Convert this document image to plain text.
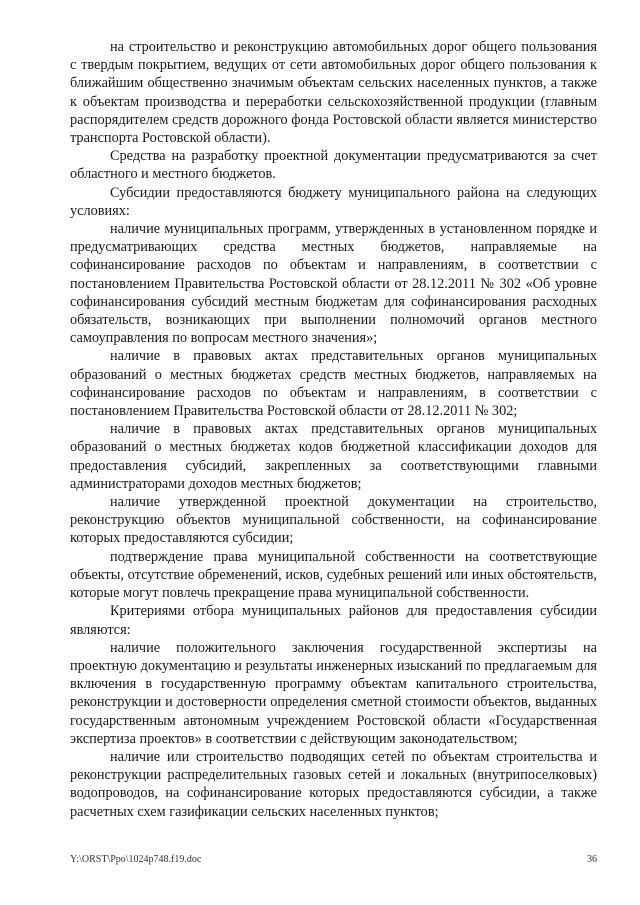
на строительство и реконструкцию автомобильных дорог общего пользования с твердым покрытием, ведущих от сети автомобильных дорог общего пользования к ближайшим общественно значимым объектам сельских населенных пунктов, а также к объектам производства и переработки сельскохозяйственной продукции (главным распорядителем средств дорожного фонда Ростовской области является министерство транспорта Ростовской области).

Средства на разработку проектной документации предусматриваются за счет областного и местного бюджетов.

Субсидии предоставляются бюджету муниципального района на следующих условиях:

наличие муниципальных программ, утвержденных в установленном порядке и предусматривающих средства местных бюджетов, направляемые на софинансирование расходов по объектам и направлениям, в соответствии с постановлением Правительства Ростовской области от 28.12.2011 № 302 «Об уровне софинансирования субсидий местным бюджетам для софинансирования расходных обязательств, возникающих при выполнении полномочий органов местного самоуправления по вопросам местного значения»;

наличие в правовых актах представительных органов муниципальных образований о местных бюджетах средств местных бюджетов, направляемых на софинансирование расходов по объектам и направлениям, в соответствии с постановлением Правительства Ростовской области от 28.12.2011 № 302;

наличие в правовых актах представительных органов муниципальных образований о местных бюджетах кодов бюджетной классификации доходов для предоставления субсидий, закрепленных за соответствующими главными администраторами доходов местных бюджетов;

наличие утвержденной проектной документации на строительство, реконструкцию объектов муниципальной собственности, на софинансирование которых предоставляются субсидии;

подтверждение права муниципальной собственности на соответствующие объекты, отсутствие обременений, исков, судебных решений или иных обстоятельств, которые могут повлечь прекращение права муниципальной собственности.

Критериями отбора муниципальных районов для предоставления субсидии являются:

наличие положительного заключения государственной экспертизы на проектную документацию и результаты инженерных изысканий по предлагаемым для включения в государственную программу объектам капитального строительства, реконструкции и достоверности определения сметной стоимости объектов, выданных государственным автономным учреждением Ростовской области «Государственная экспертиза проектов» в соответствии с действующим законодательством;

наличие или строительство подводящих сетей по объектам строительства и реконструкции распределительных газовых сетей и локальных (внутрипоселковых) водопроводов, на софинансирование которых предоставляются субсидии, а также расчетных схем газификации сельских населенных пунктов;

Y:\ORST\Ppo\1024p748.f19.doc	36
